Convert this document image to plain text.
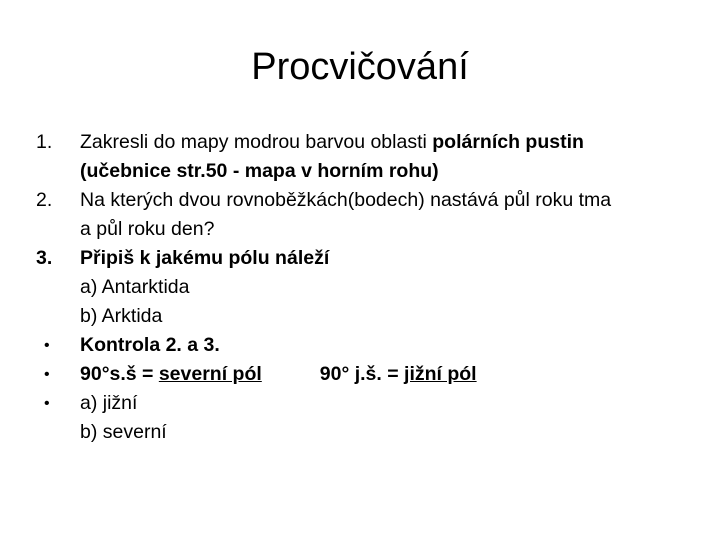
Procvičování
1.	Zakresli do mapy modrou barvou oblasti polárních pustin
(učebnice str.50 - mapa v horním rohu)
2.	Na kterých dvou rovnoběžkách(bodech) nastává půl roku tma
a půl roku den?
3.	Připiš k jakému pólu náleží
a) Antarktida
b) Arktida
• Kontrola 2. a 3.
• 90°s.š = severní pól	90° j.š. = jižní pól
• a) jižní
b) severní
